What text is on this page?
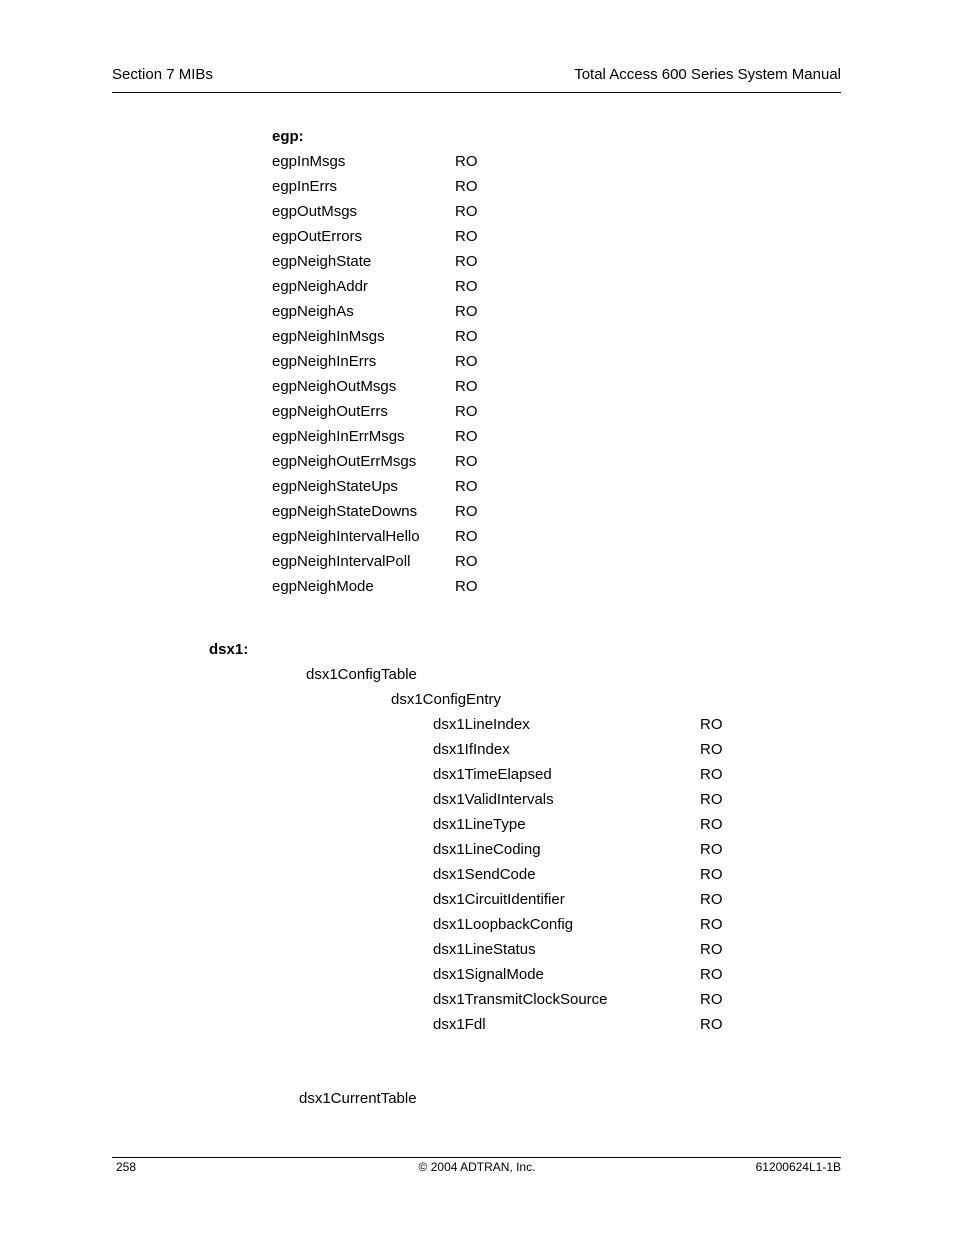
Section 7 MIBs	Total Access 600 Series System Manual
egp:
egpInMsgs	RO
egpInErrs	RO
egpOutMsgs	RO
egpOutErrors	RO
egpNeighState	RO
egpNeighAddr	RO
egpNeighAs	RO
egpNeighInMsgs	RO
egpNeighInErrs	RO
egpNeighOutMsgs	RO
egpNeighOutErrs	RO
egpNeighInErrMsgs	RO
egpNeighOutErrMsgs	RO
egpNeighStateUps	RO
egpNeighStateDowns	RO
egpNeighIntervalHello RO
egpNeighIntervalPoll	RO
egpNeighMode	RO
dsx1:
dsx1ConfigTable
dsx1ConfigEntry
dsx1LineIndex	RO
dsx1IfIndex	RO
dsx1TimeElapsed	RO
dsx1ValidIntervals	RO
dsx1LineType	RO
dsx1LineCoding	RO
dsx1SendCode	RO
dsx1CircuitIdentifier	RO
dsx1LoopbackConfig	RO
dsx1LineStatus	RO
dsx1SignalMode	RO
dsx1TransmitClockSource	RO
dsx1Fdl	RO
dsx1CurrentTable
258	© 2004 ADTRAN, Inc.	61200624L1-1B
